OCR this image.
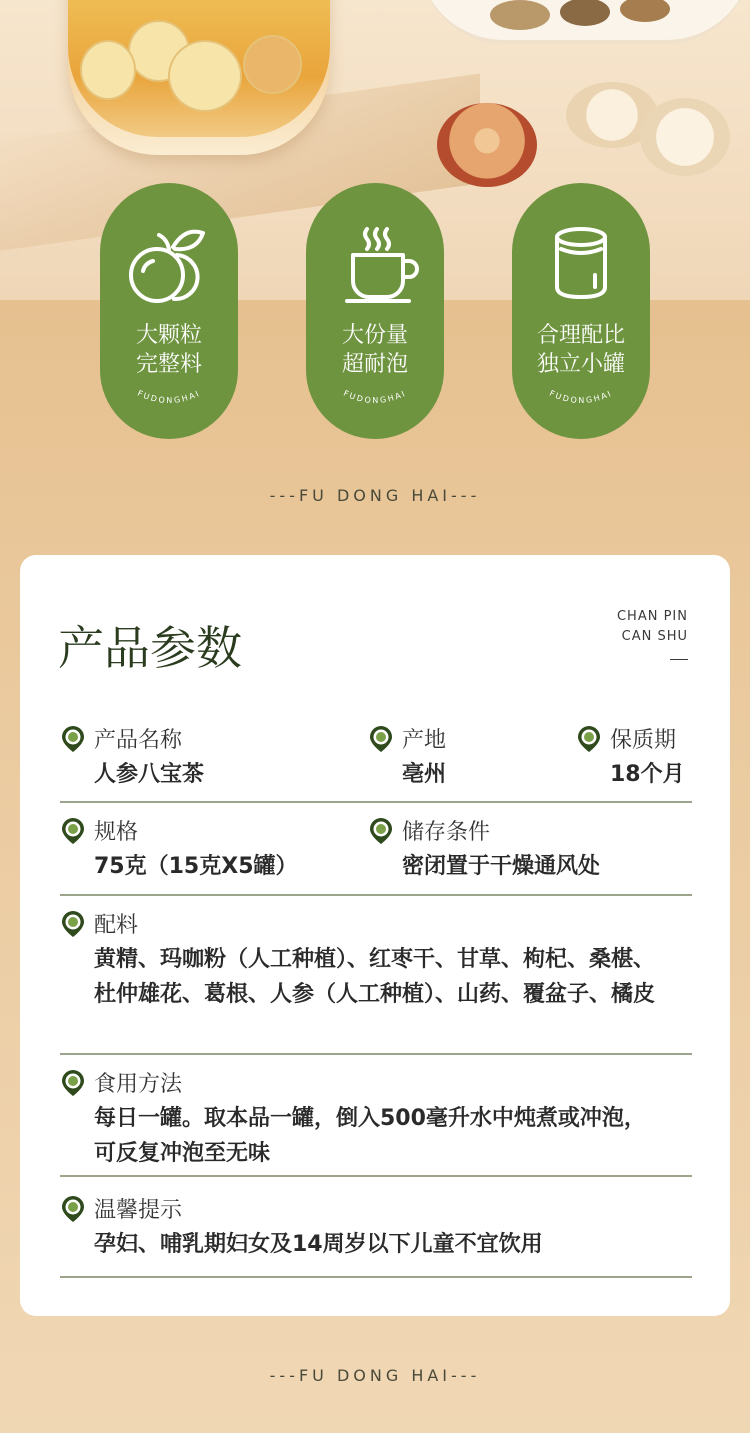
大颗粒
完整料
FUDONGHAI
大份量
超耐泡
FUDONGHAI
合理配比
独立小罐
FUDONGHAI
---FU DONG HAI---
产品参数
CHAN PIN
CAN SHU
产品名称
人参八宝茶
产地
亳州
保质期
18个月
规格
75克（15克X5罐）
储存条件
密闭置于干燥通风处
配料
黄精、玛咖粉（人工种植）、红枣干、甘草、枸杞、桑椹、杜仲雄花、葛根、人参（人工种植）、山药、覆盆子、橘皮
食用方法
每日一罐。取本品一罐，倒入500毫升水中炖煮或冲泡，可反复冲泡至无味
温馨提示
孕妇、哺乳期妇女及14周岁以下儿童不宜饮用
---FU DONG HAI---
